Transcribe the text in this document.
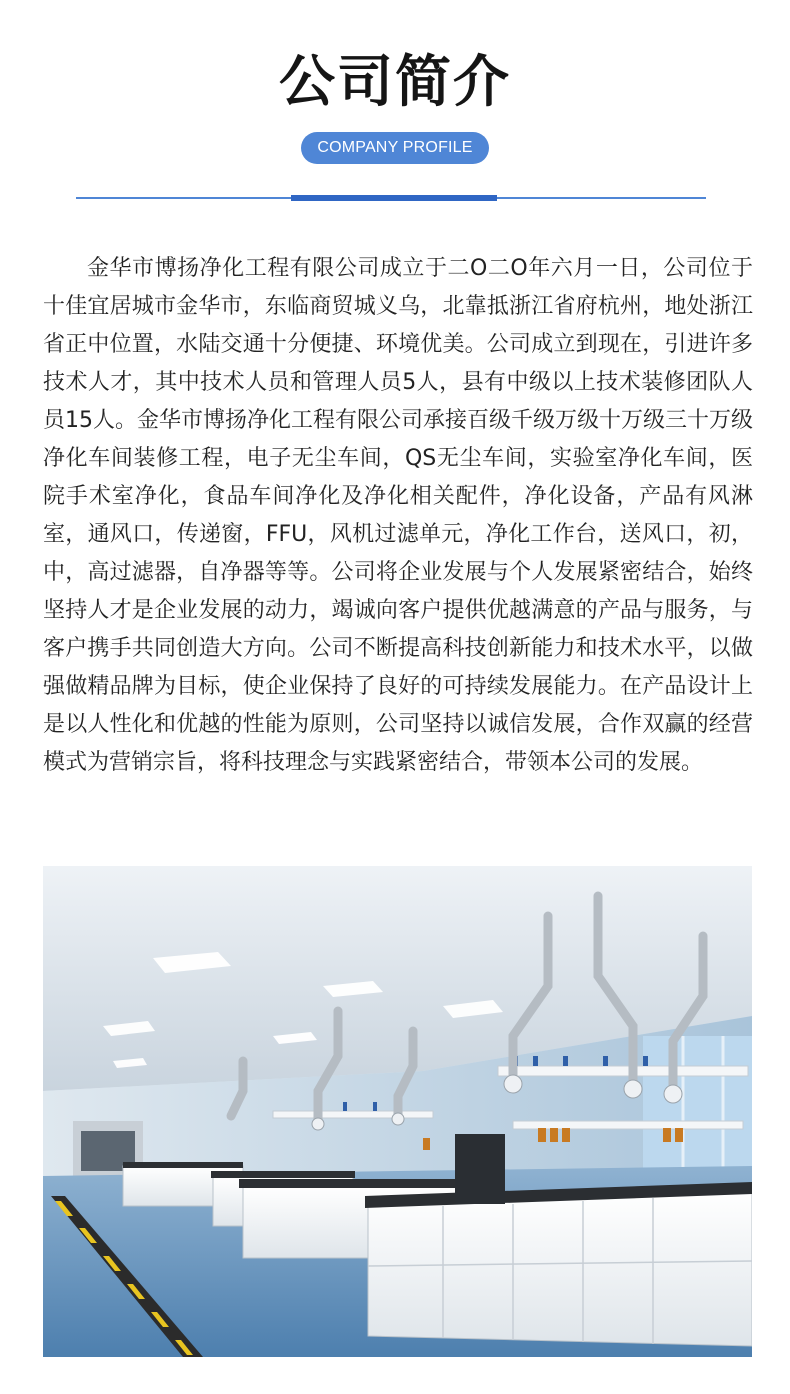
公司简介
COMPANY PROFILE

金华市博扬净化工程有限公司成立于二O二O年六月一日，公司位于十佳宜居城市金华市，东临商贸城义乌，北靠抵浙江省府杭州，地处浙江省正中位置，水陆交通十分便捷、环境优美。公司成立到现在，引进许多技术人才，其中技术人员和管理人员5人，县有中级以上技术装修团队人员15人。金华市博扬净化工程有限公司承接百级千级万级十万级三十万级净化车间装修工程，电子无尘车间，QS无尘车间，实验室净化车间，医院手术室净化，食品车间净化及净化相关配件，净化设备，产品有风淋室，通风口，传递窗，FFU，风机过滤单元，净化工作台，送风口，初，中，高过滤器，自净器等等。公司将企业发展与个人发展紧密结合，始终坚持人才是企业发展的动力，竭诚向客户提供优越满意的产品与服务，与客户携手共同创造大方向。公司不断提高科技创新能力和技术水平，以做强做精品牌为目标，使企业保持了良好的可持续发展能力。在产品设计上是以人性化和优越的性能为原则，公司坚持以诚信发展，合作双赢的经营模式为营销宗旨，将科技理念与实践紧密结合，带领本公司的发展。
